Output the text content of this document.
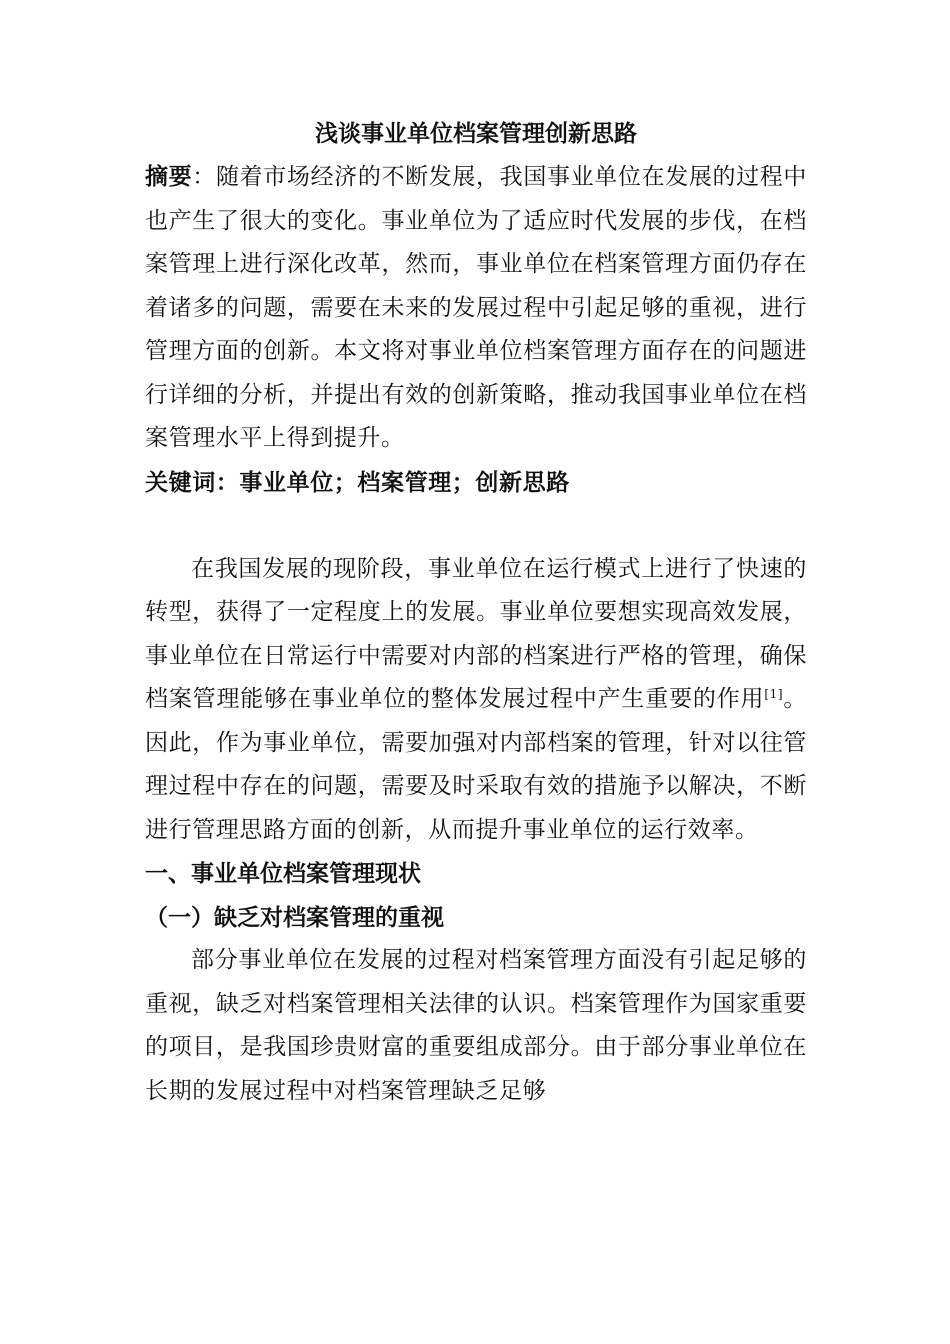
浅谈事业单位档案管理创新思路

摘要：随着市场经济的不断发展，我国事业单位在发展的过程中也产生了很大的变化。事业单位为了适应时代发展的步伐，在档案管理上进行深化改革，然而，事业单位在档案管理方面仍存在着诸多的问题，需要在未来的发展过程中引起足够的重视，进行管理方面的创新。本文将对事业单位档案管理方面存在的问题进行详细的分析，并提出有效的创新策略，推动我国事业单位在档案管理水平上得到提升。

关键词：事业单位；档案管理；创新思路

在我国发展的现阶段，事业单位在运行模式上进行了快速的转型，获得了一定程度上的发展。事业单位要想实现高效发展，事业单位在日常运行中需要对内部的档案进行严格的管理，确保档案管理能够在事业单位的整体发展过程中产生重要的作用[1]。因此，作为事业单位，需要加强对内部档案的管理，针对以往管理过程中存在的问题，需要及时采取有效的措施予以解决，不断进行管理思路方面的创新，从而提升事业单位的运行效率。

一、事业单位档案管理现状
（一）缺乏对档案管理的重视

部分事业单位在发展的过程对档案管理方面没有引起足够的重视，缺乏对档案管理相关法律的认识。档案管理作为国家重要的项目，是我国珍贵财富的重要组成部分。由于部分事业单位在长期的发展过程中对档案管理缺乏足够
